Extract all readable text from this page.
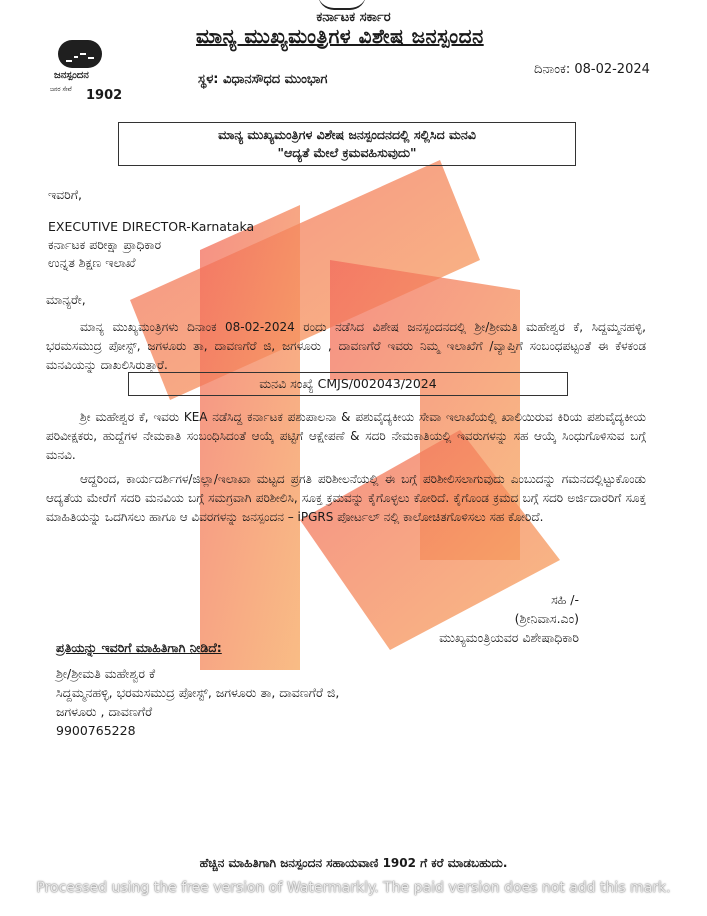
ಕರ್ನಾಟಕ ಸರ್ಕಾರ
ಜನಸ್ಪಂದನ
ಜನರ ಸೇವೆ 1902
ಮಾನ್ಯ ಮುಖ್ಯಮಂತ್ರಿಗಳ ವಿಶೇಷ ಜನಸ್ಪಂದನ
ಸ್ಥಳ: ವಿಧಾನಸೌಧದ ಮುಂಭಾಗ
ದಿನಾಂಕ: 08-02-2024
ಮಾನ್ಯ ಮುಖ್ಯಮಂತ್ರಿಗಳ ವಿಶೇಷ ಜನಸ್ಪಂದನದಲ್ಲಿ ಸಲ್ಲಿಸಿದ ಮನವಿ
"ಆದ್ಯತೆ ಮೇಲೆ ಕ್ರಮವಹಿಸುವುದು"
ಇವರಿಗೆ,
EXECUTIVE DIRECTOR-Karnataka
ಕರ್ನಾಟಕ ಪರೀಕ್ಷಾ ಪ್ರಾಧಿಕಾರ
ಉನ್ನತ ಶಿಕ್ಷಣ ಇಲಾಖೆ
ಮಾನ್ಯರೇ,
ಮಾನ್ಯ ಮುಖ್ಯಮಂತ್ರಿಗಳು ದಿನಾಂಕ 08-02-2024 ರಂದು ನಡೆಸಿದ ವಿಶೇಷ ಜನಸ್ಪಂದನದಲ್ಲಿ ಶ್ರೀ/ಶ್ರೀಮತಿ ಮಹೇಶ್ವರ ಕೆ, ಸಿದ್ದಮ್ಮನಹಳ್ಳಿ, ಭರಮಸಮುದ್ರ ಪೋಸ್ಟ್, ಜಗಳೂರು ತಾ, ದಾವಣಗೆರೆ ಜಿ, ಜಗಳೂರು , ದಾವಣಗೆರೆ ಇವರು ನಿಮ್ಮ ಇಲಾಖೆಗೆ /ವ್ಯಾಪ್ತಿಗೆ ಸಂಬಂಧಪಟ್ಟಂತೆ ಈ ಕೆಳಕಂಡ ಮನವಿಯನ್ನು ದಾಖಲಿಸಿರುತ್ತಾರೆ.
ಮನವಿ ಸಂಖ್ಯೆ CMJS/002043/2024
ಶ್ರೀ ಮಹೇಶ್ವರ ಕೆ, ಇವರು KEA ನಡೆಸಿದ್ದ ಕರ್ನಾಟಕ ಪಶುಪಾಲನಾ & ಪಶುವೈದ್ಯಕೀಯ ಸೇವಾ ಇಲಾಖೆಯಲ್ಲಿ ಖಾಲಿಯಿರುವ ಕಿರಿಯ ಪಶುವೈದ್ಯಕೀಯ ಪರಿವೀಕ್ಷಕರು, ಹುದ್ದೆಗಳ ನೇಮಕಾತಿ ಸಂಬಂಧಿಸಿದಂತೆ ಆಯ್ಕೆ ಪಟ್ಟಿಗೆ ಆಕ್ಷೇಪಣೆ & ಸದರಿ ನೇಮಕಾತಿಯಲ್ಲಿ ಇವರುಗಳನ್ನು ಸಹ ಆಯ್ಕೆ ಸಿಂಧುಗೊಳಿಸುವ ಬಗ್ಗೆ ಮನವಿ.
ಆದ್ದರಿಂದ, ಕಾರ್ಯದರ್ಶಿಗಳ/ಜಿಲ್ಲಾ/ಇಲಾಖಾ ಮಟ್ಟದ ಪ್ರಗತಿ ಪರಿಶೀಲನೆಯಲ್ಲಿ ಈ ಬಗ್ಗೆ ಪರಿಶೀಲಿಸಲಾಗುವುದು ಎಂಬುದನ್ನು ಗಮನದಲ್ಲಿಟ್ಟುಕೊಂಡು ಆದ್ಯತೆಯ ಮೇರೆಗೆ ಸದರಿ ಮನವಿಯ ಬಗ್ಗೆ ಸಮಗ್ರವಾಗಿ ಪರಿಶೀಲಿಸಿ, ಸೂಕ್ತ ಕ್ರಮವನ್ನು ಕೈಗೊಳ್ಳಲು ಕೋರಿದೆ. ಕೈಗೊಂಡ ಕ್ರಮದ ಬಗ್ಗೆ ಸದರಿ ಅರ್ಜಿದಾರರಿಗೆ ಸೂಕ್ತ ಮಾಹಿತಿಯನ್ನು ಒದಗಿಸಲು ಹಾಗೂ ಆ ವಿವರಗಳನ್ನು ಜನಸ್ಪಂದನ – iPGRS ಪೋರ್ಟಲ್ ನಲ್ಲಿ ಕಾಲೋಚಿತಗೊಳಿಸಲು ಸಹ ಕೋರಿದೆ.
ಸಹಿ /-
(ಶ್ರೀನಿವಾಸ.ಎಂ)
ಮುಖ್ಯಮಂತ್ರಿಯವರ ವಿಶೇಷಾಧಿಕಾರಿ
ಪ್ರತಿಯನ್ನು ಇವರಿಗೆ ಮಾಹಿತಿಗಾಗಿ ನೀಡಿದೆ:
ಶ್ರೀ/ಶ್ರೀಮತಿ ಮಹೇಶ್ವರ ಕೆ
ಸಿದ್ದಮ್ಮನಹಳ್ಳಿ, ಭರಮಸಮುದ್ರ ಪೋಸ್ಟ್, ಜಗಳೂರು ತಾ, ದಾವಣಗೆರೆ ಜಿ,
ಜಗಳೂರು , ದಾವಣಗೆರೆ
9900765228
ಹೆಚ್ಚಿನ ಮಾಹಿತಿಗಾಗಿ ಜನಸ್ಪಂದನ ಸಹಾಯವಾಣಿ 1902 ಗೆ ಕರೆ ಮಾಡಬಹುದು.
Processed using the free version of Watermarkly. The paid version does not add this mark.
